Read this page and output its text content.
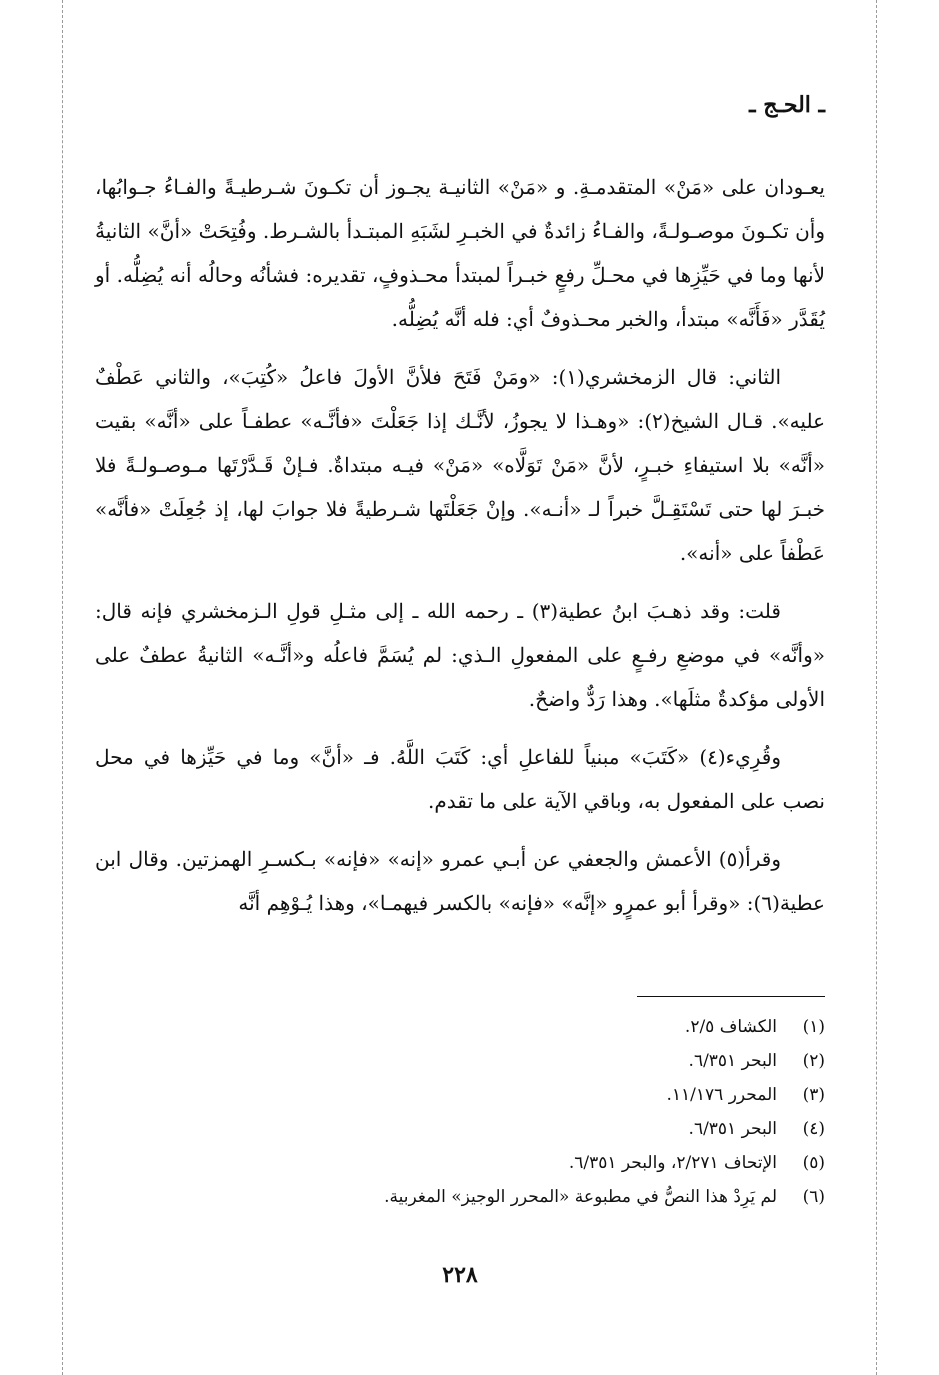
ـ الحـج ـ

يعـودان على «مَنْ» المتقدمـةِ. و «مَنْ» الثانيـة يجـوز أن تكـونَ شـرطيـةً والفـاءُ جـوابُها، وأن تكـونَ موصـولـةً، والفـاءُ زائدةٌ في الخبـرِ لشَبَهِ المبتـدأ بالشـرط. وفُتِحَتْ «أنَّ» الثانيةُ لأنها وما في حَيِّزِها في محـلِّ رفعٍ خبـراً لمبتدأ محـذوفٍ، تقديره: فشأنُه وحالُه أنه يُضِلُّه. أو يُقَدَّر «فَأَنَّه» مبتدأ، والخبر محـذوفٌ أي: فله أنَّه يُضِلُّه.

الثاني: قال الزمخشري(١): «ومَنْ فَتَحَ فلأنَّ الأولَ فاعلُ «كُتِبَ»، والثاني عَطْفٌ عليه». قـال الشيخ(٢): «وهـذا لا يجوزُ، لأنَّـك إذا جَعَلْتَ «فأنَّـه» عطفـاً على «أنَّه» بقيت «أنَّه» بلا استيفاءِ خبـرٍ، لأنَّ «مَنْ تَوَلَّاه» «مَنْ» فيـه مبتداةٌ. فـإنْ قَـدَّرْتَها مـوصـولـةً فلا خبـرَ لها حتى تَسْتَقِـلَّ خبراً لـ «أنـه». وإنْ جَعَلْتَها شـرطيةً فلا جوابَ لها، إذ جُعِلَتْ «فأنَّه» عَطْفاً على «أنه».

قلت: وقد ذهـبَ ابنُ عطية(٣) ـ رحمه الله ـ إلى مثـلِ قولِ الـزمخشري فإنه قال: «وأنَّه» في موضعِ رفـعٍ على المفعولِ الـذي: لم يُسَمَّ فاعلُه و«أنَّـه» الثانيةُ عطفٌ على الأولى مؤكدةٌ مثلَها». وهذا رَدٌّ واضحٌ.

وقُرِيء(٤) «كَتَبَ» مبنياً للفاعلِ أي: كَتَبَ اللَّهُ. فـ «أنَّ» وما في حَيِّزها في محل نصب على المفعول به، وباقي الآية على ما تقدم.

وقرأ(٥) الأعمش والجعفي عن أبـي عمرو «إنه» «فإنه» بـكسـرِ الهمزتين. وقال ابن عطية(٦): «وقرأ أبو عمرٍو «إنَّه» «فإنه» بالكسر فيهمـا»، وهذا يُـوْهِم أنَّه

(١)
الكشاف ٢/٥.
(٢)
البحر ٦/٣٥١.
(٣)
المحرر ١١/١٧٦.
(٤)
البحر ٦/٣٥١.
(٥)
الإتحاف ٢/٢٧١، والبحر ٦/٣٥١.
(٦)
لم يَرِدْ هذا النصُّ في مطبوعة «المحرر الوجيز» المغربية.
٢٢٨
